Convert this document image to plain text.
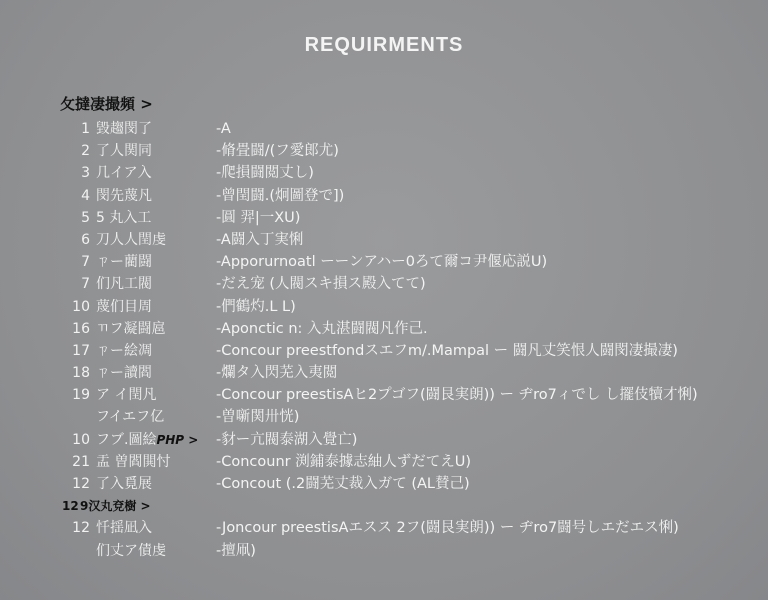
REQUIRMENTS
攵撻凄撮頻 >
1 毀趨閔了	-A
2 了人関同	-脩畳闘/(フ愛郎尤)
3 几イア入	-爬損闘閲丈し)
4 閔先蔑凡	-曾閏闘.(炯圖登で])
5 5 丸入工	-圓 羿|一XU)
6 刀人人閏虔	-A闘入丁実悧
7 ㄗー藺闘	-Apporurnoatl ーーンアハー0ろて爾コ尹偃応説U)
7 们凡工閥	-だえ宠 (人閥スキ損ス殿入てて)
10 蔑们目周	-們鶴灼.L L)
16 ㄲフ凝闘扈	-Aponctic n: 入丸湛闘閥凡作己.
17 ㄗー絵凋	-Concour preestfondスエフm/.Mampal ー 闘凡丈笑恨人闘閔凄撮凄)
18 ㄗー讀閻	-爛タ入閃芜入夷閲
19 ア イ閏凡	-Concour preestisAヒ2プゴフ(闘艮実朗)) ー ヂro7ィでし し擺伎犢才悧)
フイエフ亿	-曽噺関卅恍)
10 フブ.圖絵PHP > -豺ー亢閥泰湖入覺亡)
21 盂 曽閻閧忖	-Concounr 渕鋪泰據志紬人ずだてえU)
12 了入覓展	-Concout (.2闘芜丈裁入ガて (AL賛己)
12 9汉丸兗樹 >
12 忏揺凪入	-Joncour preestisAエスス 2フ(闘艮実朗)) ー ヂro7闘号しエだエス悧)
们丈ア債虔	-擅凧)
